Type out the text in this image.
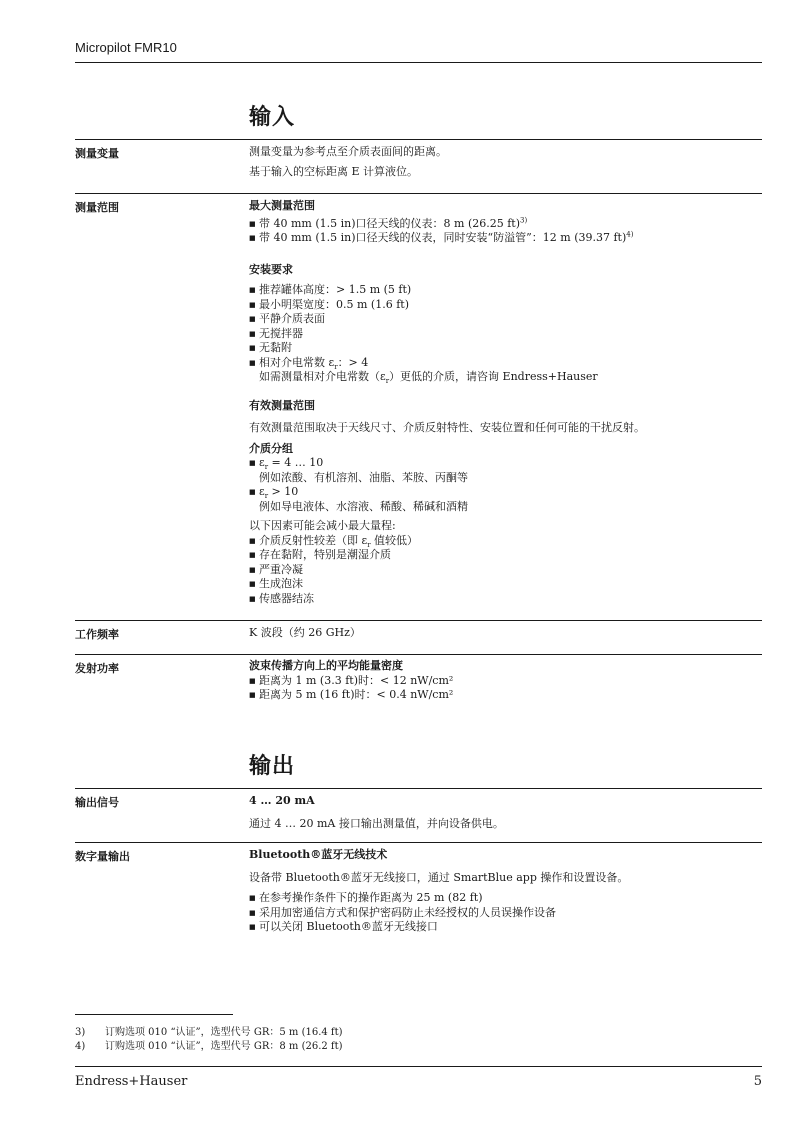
Micropilot FMR10
输入
测量变量	测量变量为参考点至介质表面间的距离。

基于输入的空标距离 E 计算液位。

测量范围	最大测量范围

■ 带 40 mm (1.5 in)口径天线的仪表：8 m (26.25 ft)$^{3)}$
■ 带 40 mm (1.5 in)口径天线的仪表，同时安装“防溢管”：12 m (39.37 ft)$^{4)}$

安装要求

■ 推荐罐体高度：> 1.5 m (5 ft)
■ 最小明渠宽度：0.5 m (1.6 ft)
■ 平静介质表面
■ 无搅拌器
■ 无黏附
■ 相对介电常数 $\varepsilon_r$：> 4
如需测量相对介电常数$(\varepsilon_r)$更低的介质，请咨询 Endress+Hauser

有效测量范围

有效测量范围取决于天线尺寸、介质反射特性、安装位置和任何可能的干扰反射。

介质分组

■ $\varepsilon_r = 4$ … 10
例如浓酸、有机溶剂、油脂、苯胺、丙酮等
■ $\varepsilon_r > 10$
例如导电液体、水溶液、稀酸、稀碱和酒精

以下因素可能会减小最大量程:

■ 介质反射性较差（即 $\varepsilon_r$ 值较低）
■ 存在黏附，特别是潮湿介质
■ 严重冷凝
■ 生成泡沫
■ 传感器结冻
工作频率	K 波段（约 26 GHz）
发射功率	波束传播方向上的平均能量密度

■ 距离为 1 m (3.3 ft)时：< 12 nW/cm²
■ 距离为 5 m (16 ft)时：< 0.4 nW/cm²
输出
输出信号	4 … 20 mA

通过 4 … 20 mA 接口输出测量值，并向设备供电。

数字量输出	Bluetooth®蓝牙无线技术

设备带 Bluetooth®蓝牙无线接口，通过 SmartBlue app 操作和设置设备。

■ 在参考操作条件下的操作距离为 25 m (82 ft)
■ 采用加密通信方式和保护密码防止未经授权的人员误操作设备
■ 可以关闭 Bluetooth®蓝牙无线接口
3) 订购选项 010 “认证”，选型代号 GR：5 m (16.4 ft)
4) 订购选项 010 “认证”，选型代号 GR：8 m (26.2 ft)
Endress+Hauser	5
